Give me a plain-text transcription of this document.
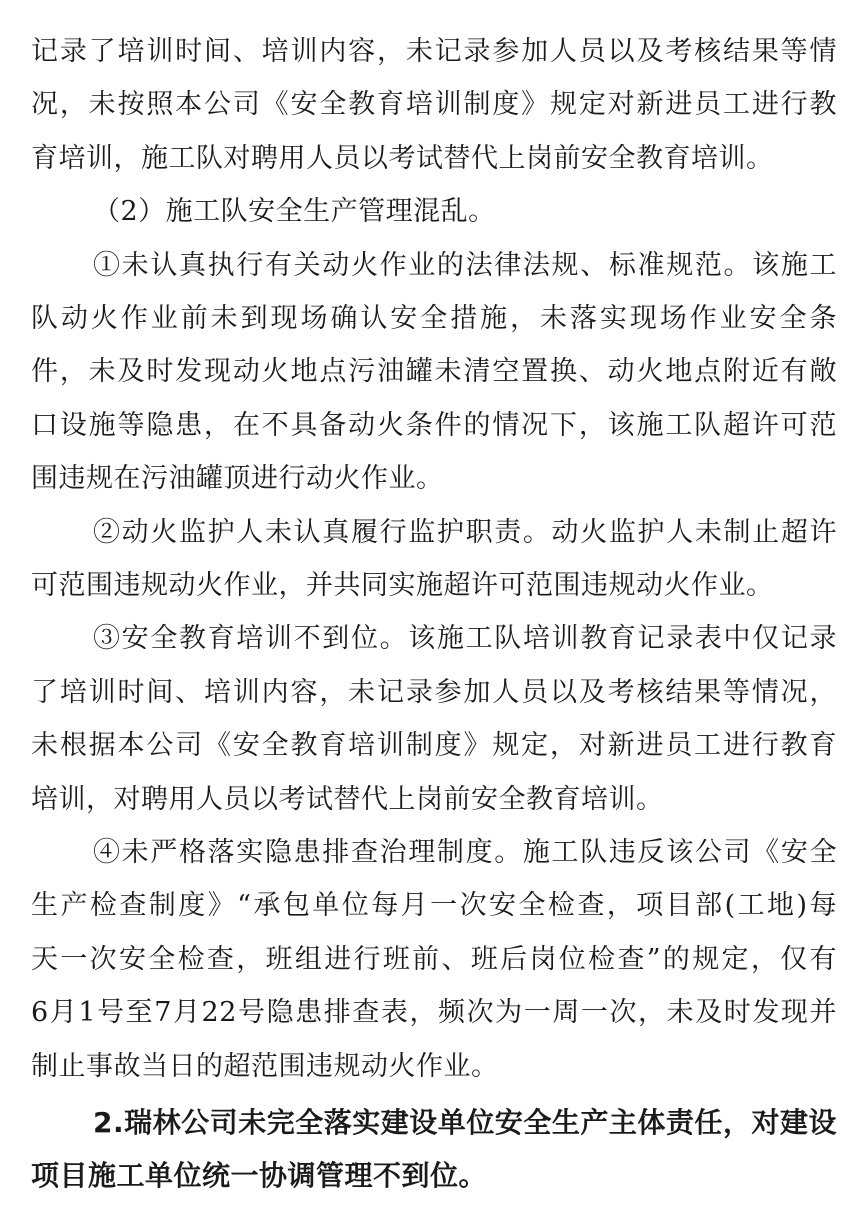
记录了培训时间、培训内容，未记录参加人员以及考核结果等情
况，未按照本公司《安全教育培训制度》规定对新进员工进行教
育培训，施工队对聘用人员以考试替代上岗前安全教育培训。
（2）施工队安全生产管理混乱。
①未认真执行有关动火作业的法律法规、标准规范。该施工
队动火作业前未到现场确认安全措施，未落实现场作业安全条
件，未及时发现动火地点污油罐未清空置换、动火地点附近有敞
口设施等隐患，在不具备动火条件的情况下，该施工队超许可范
围违规在污油罐顶进行动火作业。
②动火监护人未认真履行监护职责。动火监护人未制止超许
可范围违规动火作业，并共同实施超许可范围违规动火作业。
③安全教育培训不到位。该施工队培训教育记录表中仅记录
了培训时间、培训内容，未记录参加人员以及考核结果等情况，
未根据本公司《安全教育培训制度》规定，对新进员工进行教育
培训，对聘用人员以考试替代上岗前安全教育培训。
④未严格落实隐患排查治理制度。施工队违反该公司《安全
生产检查制度》“承包单位每月一次安全检查，项目部(工地)每
天一次安全检查，班组进行班前、班后岗位检查”的规定，仅有
6月1号至7月22号隐患排查表，频次为一周一次，未及时发现并
制止事故当日的超范围违规动火作业。
2.瑞林公司未完全落实建设单位安全生产主体责任，对建设
项目施工单位统一协调管理不到位。
